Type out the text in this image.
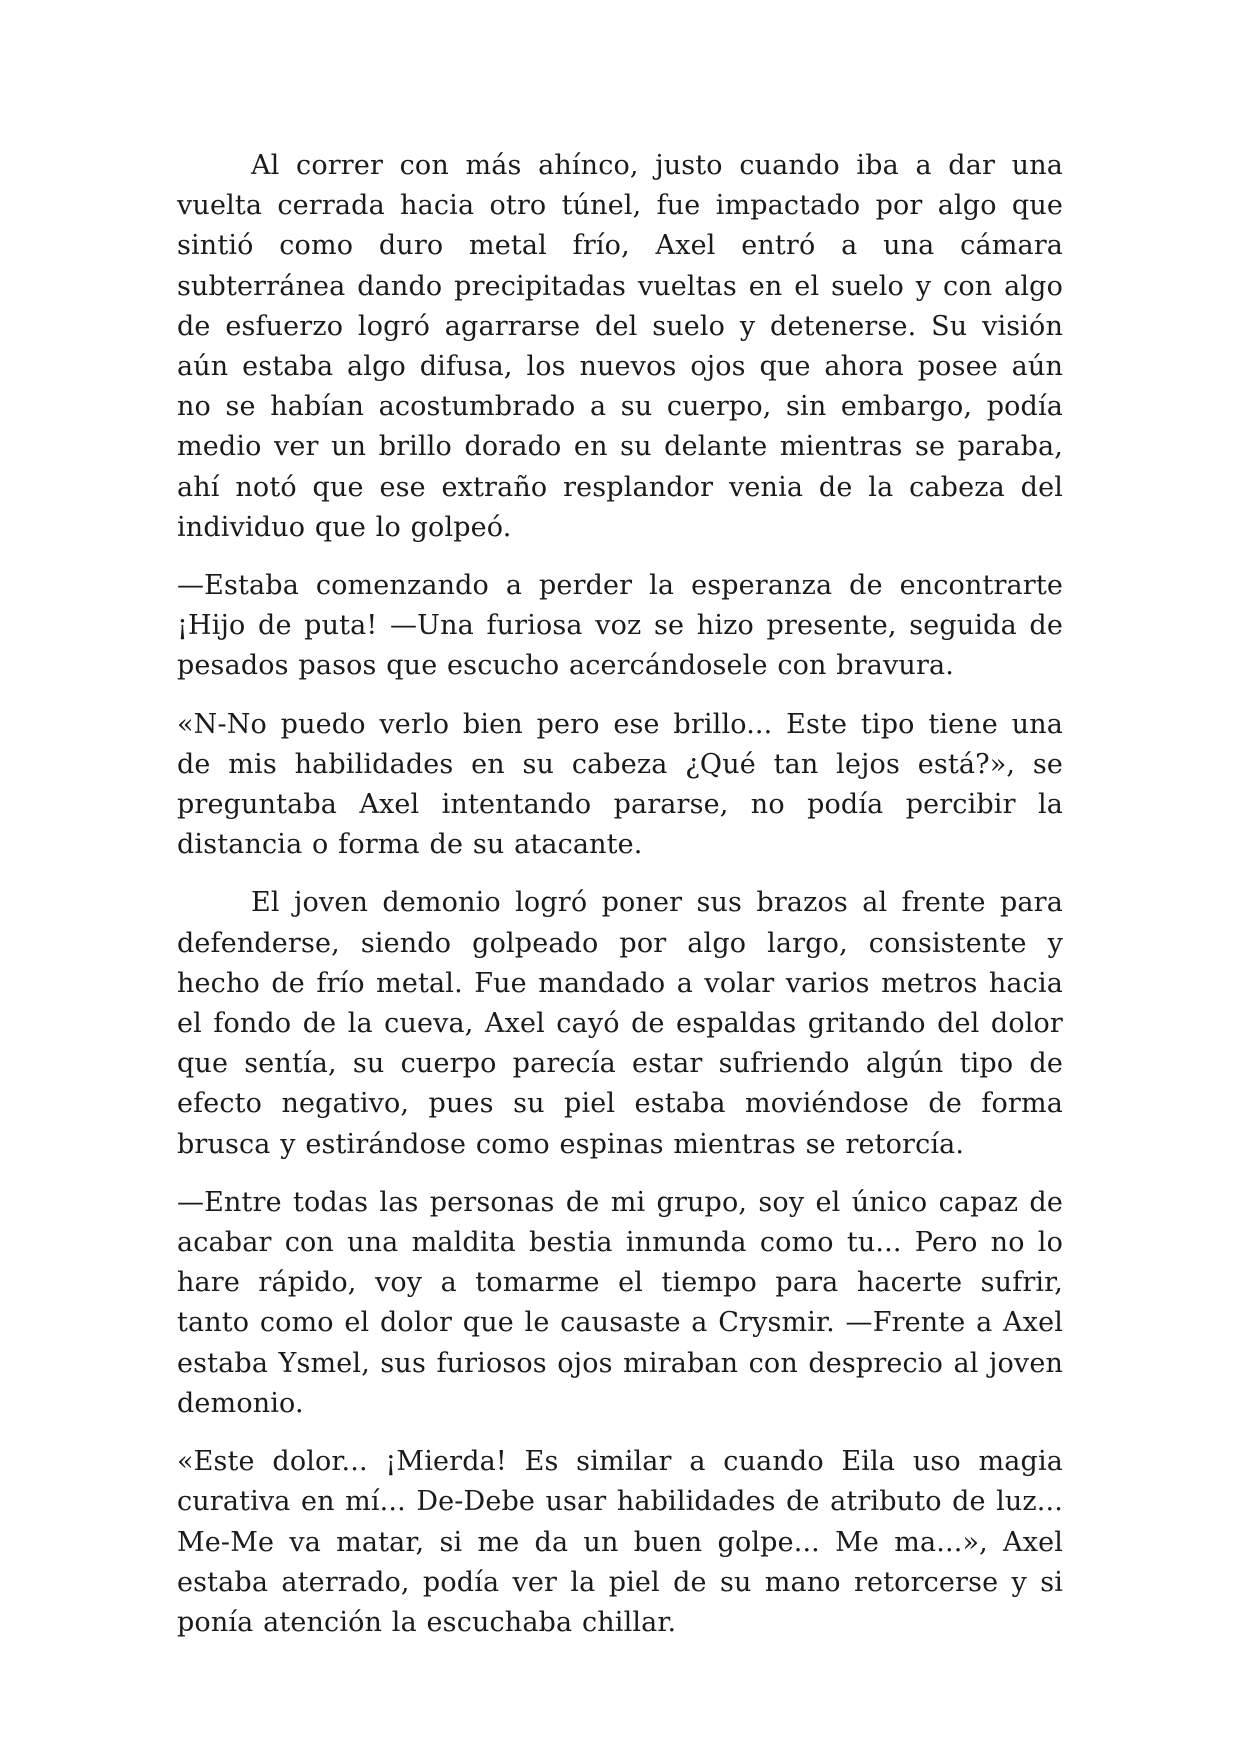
Al correr con más ahínco, justo cuando iba a dar una vuelta cerrada hacia otro túnel, fue impactado por algo que sintió como duro metal frío, Axel entró a una cámara subterránea dando precipitadas vueltas en el suelo y con algo de esfuerzo logró agarrarse del suelo y detenerse. Su visión aún estaba algo difusa, los nuevos ojos que ahora posee aún no se habían acostumbrado a su cuerpo, sin embargo, podía medio ver un brillo dorado en su delante mientras se paraba, ahí notó que ese extraño resplandor venia de la cabeza del individuo que lo golpeó.

—Estaba comenzando a perder la esperanza de encontrarte ¡Hijo de puta! —Una furiosa voz se hizo presente, seguida de pesados pasos que escucho acercándosele con bravura.

«N-No puedo verlo bien pero ese brillo... Este tipo tiene una de mis habilidades en su cabeza ¿Qué tan lejos está?», se preguntaba Axel intentando pararse, no podía percibir la distancia o forma de su atacante.

El joven demonio logró poner sus brazos al frente para defenderse, siendo golpeado por algo largo, consistente y hecho de frío metal. Fue mandado a volar varios metros hacia el fondo de la cueva, Axel cayó de espaldas gritando del dolor que sentía, su cuerpo parecía estar sufriendo algún tipo de efecto negativo, pues su piel estaba moviéndose de forma brusca y estirándose como espinas mientras se retorcía.

—Entre todas las personas de mi grupo, soy el único capaz de acabar con una maldita bestia inmunda como tu... Pero no lo hare rápido, voy a tomarme el tiempo para hacerte sufrir, tanto como el dolor que le causaste a Crysmir. —Frente a Axel estaba Ysmel, sus furiosos ojos miraban con desprecio al joven demonio.

«Este dolor... ¡Mierda! Es similar a cuando Eila uso magia curativa en mí... De-Debe usar habilidades de atributo de luz... Me-Me va matar, si me da un buen golpe... Me ma...», Axel estaba aterrado, podía ver la piel de su mano retorcerse y si ponía atención la escuchaba chillar.
